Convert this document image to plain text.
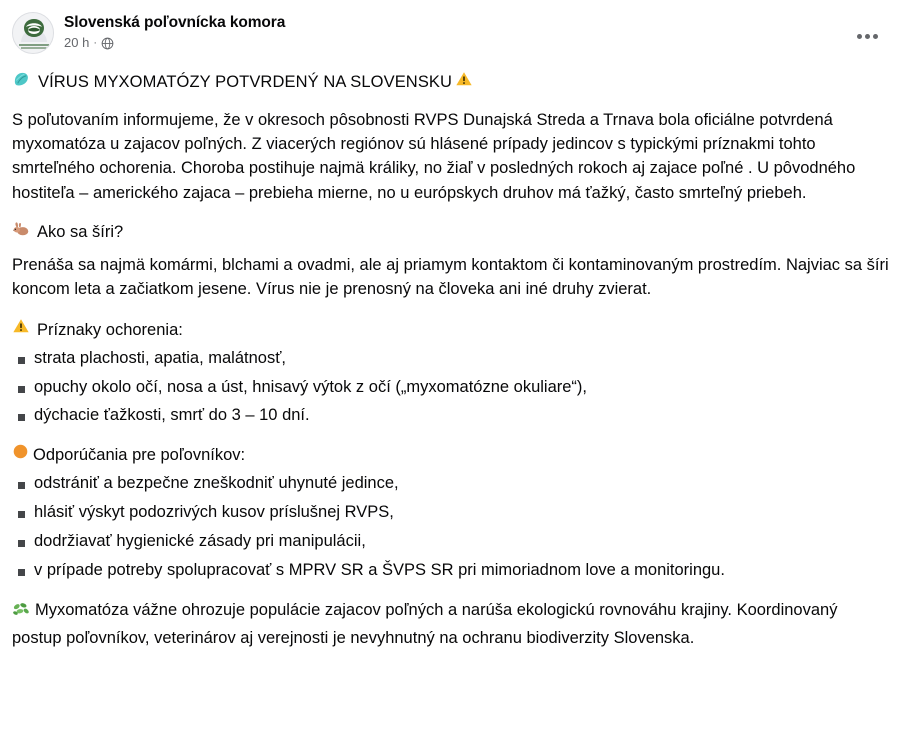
Slovenská poľovnícka komora
20 h ·
VÍRUS MYXOMATÓZY POTVRDENÝ NA SLOVENSKU

S poľutovaním informujeme, že v okresoch pôsobnosti RVPS Dunajská Streda a Trnava bola oficiálne potvrdená myxomatóza u zajacov poľných. Z viacerých regiónov sú hlásené prípady jedincov s typickými príznakmi tohto smrteľného ochorenia. Choroba postihuje najmä králiky, no žiaľ v posledných rokoch aj zajace poľné . U pôvodného hostiteľa – amerického zajaca – prebieha mierne, no u európskych druhov má ťažký, často smrteľný priebeh.

Ako sa šíri?

Prenáša sa najmä komármi, blchami a ovadmi, ale aj priamym kontaktom či kontaminovaným prostredím. Najviac sa šíri koncom leta a začiatkom jesene. Vírus nie je prenosný na človeka ani iné druhy zvierat.

Príznaky ochorenia:
strata plachosti, apatia, malátnosť,
opuchy okolo očí, nosa a úst, hnisavý výtok z očí („myxomatózne okuliare“),
dýchacie ťažkosti, smrť do 3 – 10 dní.
Odporúčania pre poľovníkov:
odstrániť a bezpečne zneškodniť uhynuté jedince,
hlásiť výskyt podozrivých kusov príslušnej RVPS,
dodržiavať hygienické zásady pri manipulácii,
v prípade potreby spolupracovať s MPRV SR a ŠVPS SR pri mimoriadnom love a monitoringu.

Myxomatóza vážne ohrozuje populácie zajacov poľných a narúša ekologickú rovnováhu krajiny. Koordinovaný postup poľovníkov, veterinárov aj verejnosti je nevyhnutný na ochranu biodiverzity Slovenska.
